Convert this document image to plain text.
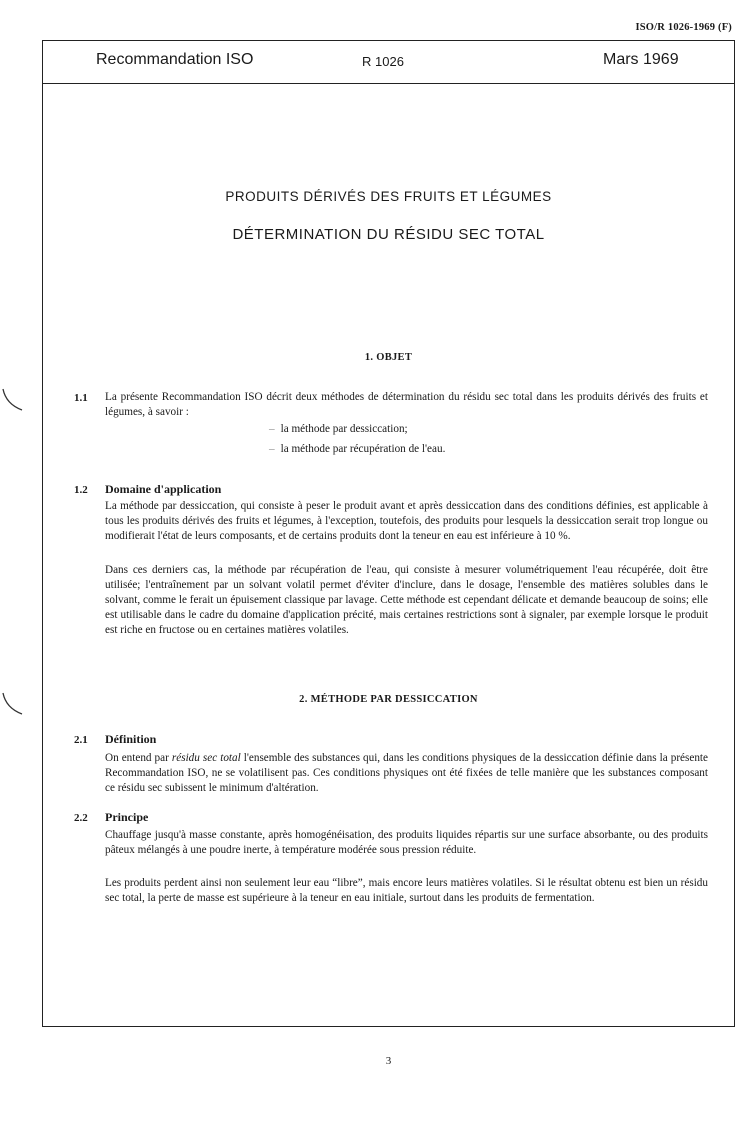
ISO/R 1026-1969 (F)
Recommandation ISO	R 1026	Mars 1969
PRODUITS DÉRIVÉS DES FRUITS ET LÉGUMES
DÉTERMINATION DU RÉSIDU SEC TOTAL
1. OBJET
1.1 La présente Recommandation ISO décrit deux méthodes de détermination du résidu sec total dans les produits dérivés des fruits et légumes, à savoir :

– la méthode par dessiccation;
– la méthode par récupération de l'eau.
1.2 Domaine d'application

La méthode par dessiccation, qui consiste à peser le produit avant et après dessiccation dans des conditions définies, est applicable à tous les produits dérivés des fruits et légumes, à l'exception, toutefois, des produits pour lesquels la dessiccation serait trop longue ou modifierait l'état de leurs composants, et de certains produits dont la teneur en eau est inférieure à 10 %.

Dans ces derniers cas, la méthode par récupération de l'eau, qui consiste à mesurer volumétriquement l'eau récupérée, doit être utilisée; l'entraînement par un solvant volatil permet d'éviter d'inclure, dans le dosage, l'ensemble des matières solubles dans le solvant, comme le ferait un épuisement classique par lavage. Cette méthode est cependant délicate et demande beaucoup de soins; elle est utilisable dans le cadre du domaine d'application précité, mais certaines restrictions sont à signaler, par exemple lorsque le produit est riche en fructose ou en certaines matières volatiles.

2. MÉTHODE PAR DESSICCATION
2.1 Définition

On entend par résidu sec total l'ensemble des substances qui, dans les conditions physiques de la dessiccation définie dans la présente Recommandation ISO, ne se volatilisent pas. Ces conditions physiques ont été fixées de telle manière que les substances composant ce résidu sec subissent le minimum d'altération.

2.2 Principe

Chauffage jusqu'à masse constante, après homogénéisation, des produits liquides répartis sur une surface absorbante, ou des produits pâteux mélangés à une poudre inerte, à température modérée sous pression réduite.

Les produits perdent ainsi non seulement leur eau “libre”, mais encore leurs matières volatiles. Si le résultat obtenu est bien un résidu sec total, la perte de masse est supérieure à la teneur en eau initiale, surtout dans les produits de fermentation.

3
